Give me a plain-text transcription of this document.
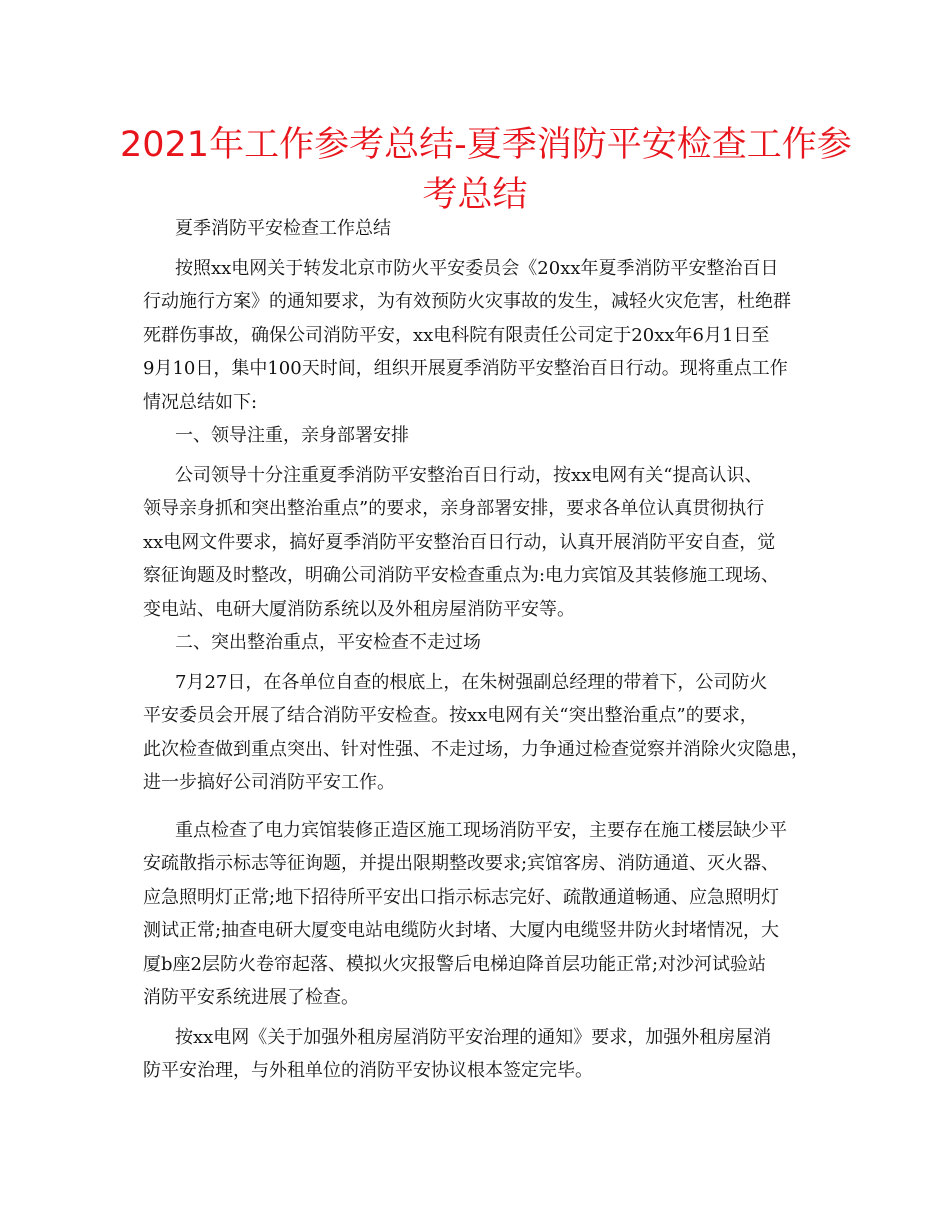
2021年工作参考总结-夏季消防平安检查工作参
考总结
夏季消防平安检查工作总结
按照xx电网关于转发北京市防火平安委员会《20xx年夏季消防平安整治百日
行动施行方案》的通知要求，为有效预防火灾事故的发生，减轻火灾危害，杜绝群
死群伤事故，确保公司消防平安，xx电科院有限责任公司定于20xx年6月1日至
9月10日，集中100天时间，组织开展夏季消防平安整治百日行动。现将重点工作
情况总结如下:
一、领导注重，亲身部署安排
公司领导十分注重夏季消防平安整治百日行动，按xx电网有关“提高认识、
领导亲身抓和突出整治重点”的要求，亲身部署安排，要求各单位认真贯彻执行
xx电网文件要求，搞好夏季消防平安整治百日行动，认真开展消防平安自查，觉
察征询题及时整改，明确公司消防平安检查重点为:电力宾馆及其装修施工现场、
变电站、电研大厦消防系统以及外租房屋消防平安等。
二、突出整治重点，平安检查不走过场
7月27日，在各单位自查的根底上，在朱树强副总经理的带着下，公司防火
平安委员会开展了结合消防平安检查。按xx电网有关“突出整治重点”的要求，
此次检查做到重点突出、针对性强、不走过场，力争通过检查觉察并消除火灾隐患，
进一步搞好公司消防平安工作。
重点检查了电力宾馆装修正造区施工现场消防平安，主要存在施工楼层缺少平
安疏散指示标志等征询题，并提出限期整改要求;宾馆客房、消防通道、灭火器、
应急照明灯正常;地下招待所平安出口指示标志完好、疏散通道畅通、应急照明灯
测试正常;抽查电研大厦变电站电缆防火封堵、大厦内电缆竖井防火封堵情况，大
厦b座2层防火卷帘起落、模拟火灾报警后电梯迫降首层功能正常;对沙河试验站
消防平安系统进展了检查。
按xx电网《关于加强外租房屋消防平安治理的通知》要求，加强外租房屋消
防平安治理，与外租单位的消防平安协议根本签定完毕。
